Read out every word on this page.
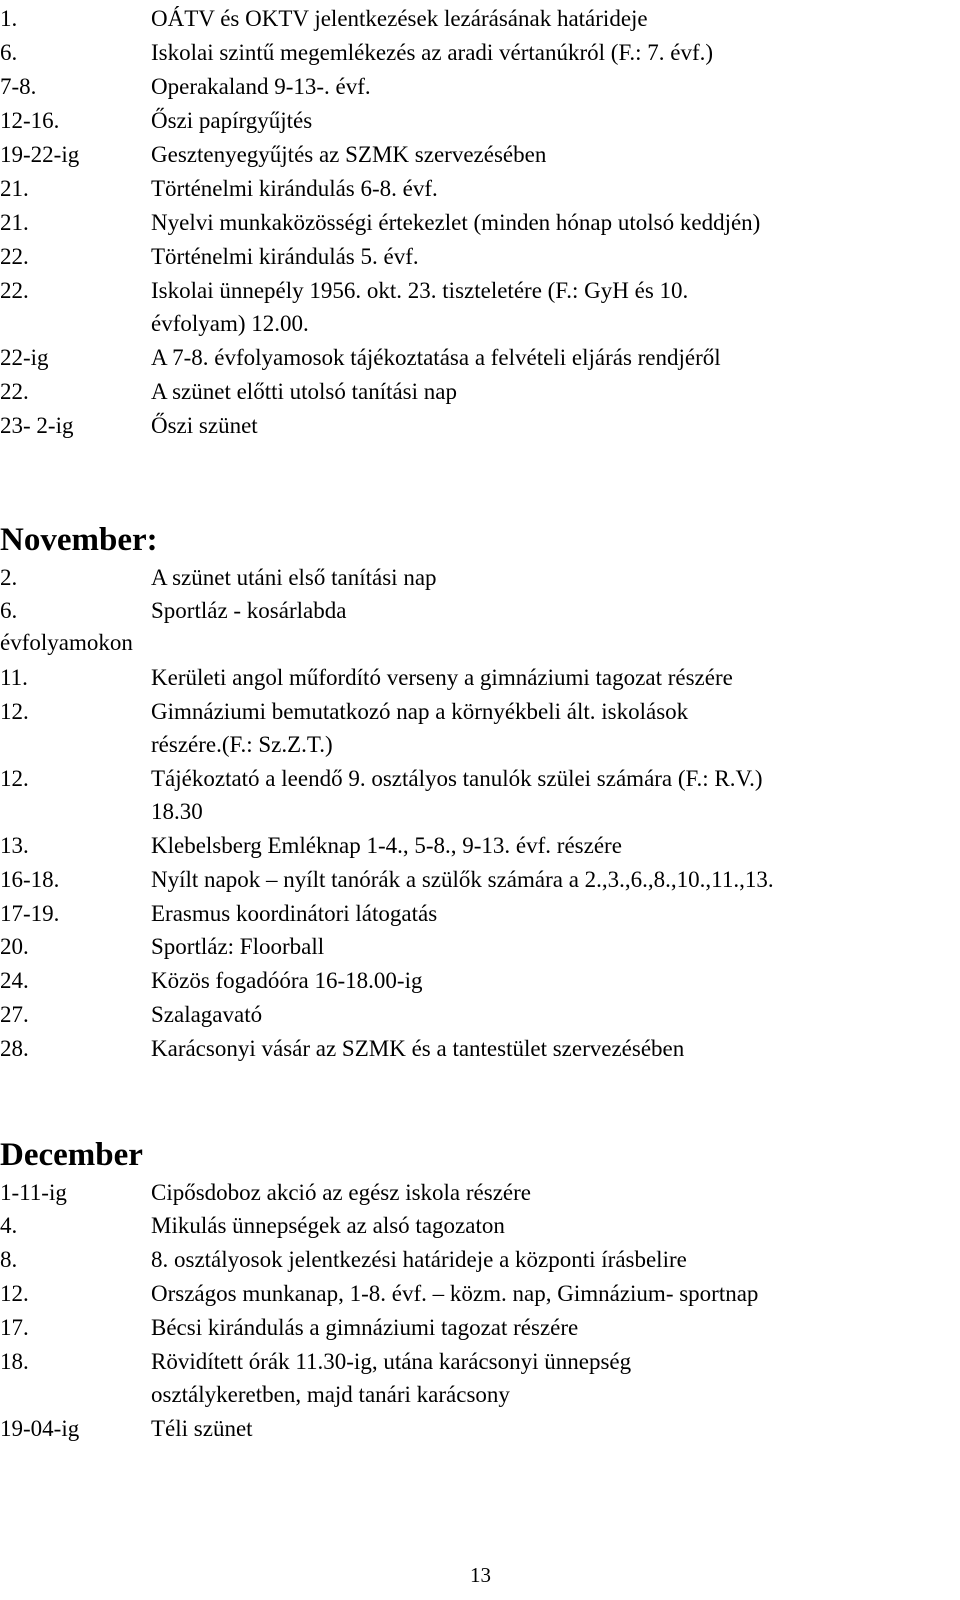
1.	OÁTV és OKTV jelentkezések lezárásának határideje
6.	Iskolai szintű megemlékezés az aradi vértanúkról (F.: 7. évf.)
7-8.	Operakaland 9-13-. évf.
12-16.	Őszi papírgyűjtés
19-22-ig	Gesztenyegyűjtés az SZMK szervezésében
21.	Történelmi kirándulás 6-8. évf.
21.	Nyelvi munkaközösségi értekezlet (minden hónap utolsó keddjén)
22.	Történelmi kirándulás 5. évf.
22.	Iskolai ünnepély 1956. okt. 23. tiszteletére (F.: GyH és 10.
évfolyam) 12.00.
22-ig	A 7-8. évfolyamosok tájékoztatása a felvételi eljárás rendjéről
22.	A szünet előtti utolsó tanítási nap
23- 2-ig	Őszi szünet
November:
2.	A szünet utáni első tanítási nap
6.	Sportláz - kosárlabda
évfolyamokon
11.	Kerületi angol műfordító verseny a gimnáziumi tagozat részére
12.	Gimnáziumi bemutatkozó nap a környékbeli ált. iskolások
részére.(F.: Sz.Z.T.)
12.	Tájékoztató a leendő 9. osztályos tanulók szülei számára (F.: R.V.)
18.30
13.	Klebelsberg Emléknap 1-4., 5-8., 9-13. évf. részére
16-18.	Nyílt napok – nyílt tanórák a szülők számára a 2.,3.,6.,8.,10.,11.,13.
17-19.	Erasmus koordinátori látogatás
20.	Sportláz: Floorball
24.	Közös fogadóóra 16-18.00-ig
27.	Szalagavató
28.	Karácsonyi vásár az SZMK és a tantestület szervezésében
December
1-11-ig	Cipősdoboz akció az egész iskola részére
4.	Mikulás ünnepségek az alsó tagozaton
8.	8. osztályosok jelentkezési határideje a központi írásbelire
12.	Országos munkanap, 1-8. évf. – közm. nap, Gimnázium- sportnap
17.	Bécsi kirándulás a gimnáziumi tagozat részére
18.	Rövidített órák 11.30-ig, utána karácsonyi ünnepség
osztálykeretben, majd tanári karácsony
19-04-ig	Téli szünet
13
